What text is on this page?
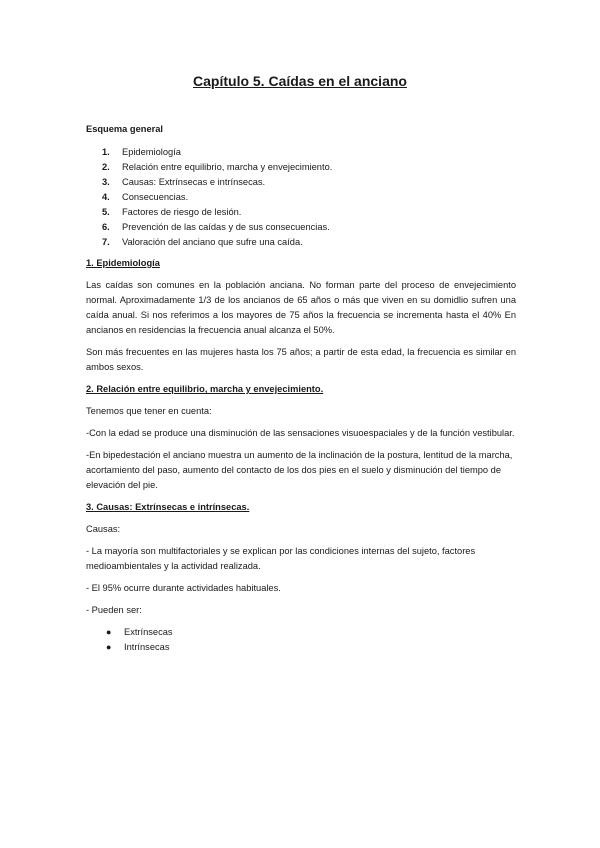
Capítulo 5. Caídas en el anciano
Esquema general
1.	Epidemiología
2.	Relación entre equilibrio, marcha y envejecimiento.
3.	Causas: Extrínsecas e intrínsecas.
4.	Consecuencias.
5.	Factores de riesgo de lesión.
6.	Prevención de las caídas y de sus consecuencias.
7.	Valoración del anciano que sufre una caída.
1. Epidemiología

Las caídas son comunes en la población anciana. No forman parte del proceso de envejecimiento normal. Aproximadamente 1/3 de los ancianos de 65 años o más que viven en su domidlio sufren una caída anual. Si nos referimos a los mayores de 75 años la frecuencia se incrementa hasta el 40% En ancianos en residencias la frecuencia anual alcanza el 50%.

Son más frecuentes en las mujeres hasta los 75 años; a partir de esta edad, la frecuencia es similar en ambos sexos.

2. Relación entre equilibrio, marcha y envejecimiento.

Tenemos que tener en cuenta:

-Con la edad se produce una disminución de las sensaciones visuoespaciales y de la función vestibular.

-En bipedestación el anciano muestra un aumento de la inclinación de la postura, lentitud de la marcha, acortamiento del paso, aumento del contacto de los dos pies en el suelo y disminución del tiempo de elevación del pie.

3. Causas: Extrínsecas e intrínsecas.

Causas:

- La mayoría son multifactoriales y se explican por las condiciones internas del sujeto, factores medioambientales y la actividad realizada.

- El 95% ocurre durante actividades habituales.

- Pueden ser:

●	Extrínsecas
●	Intrínsecas
